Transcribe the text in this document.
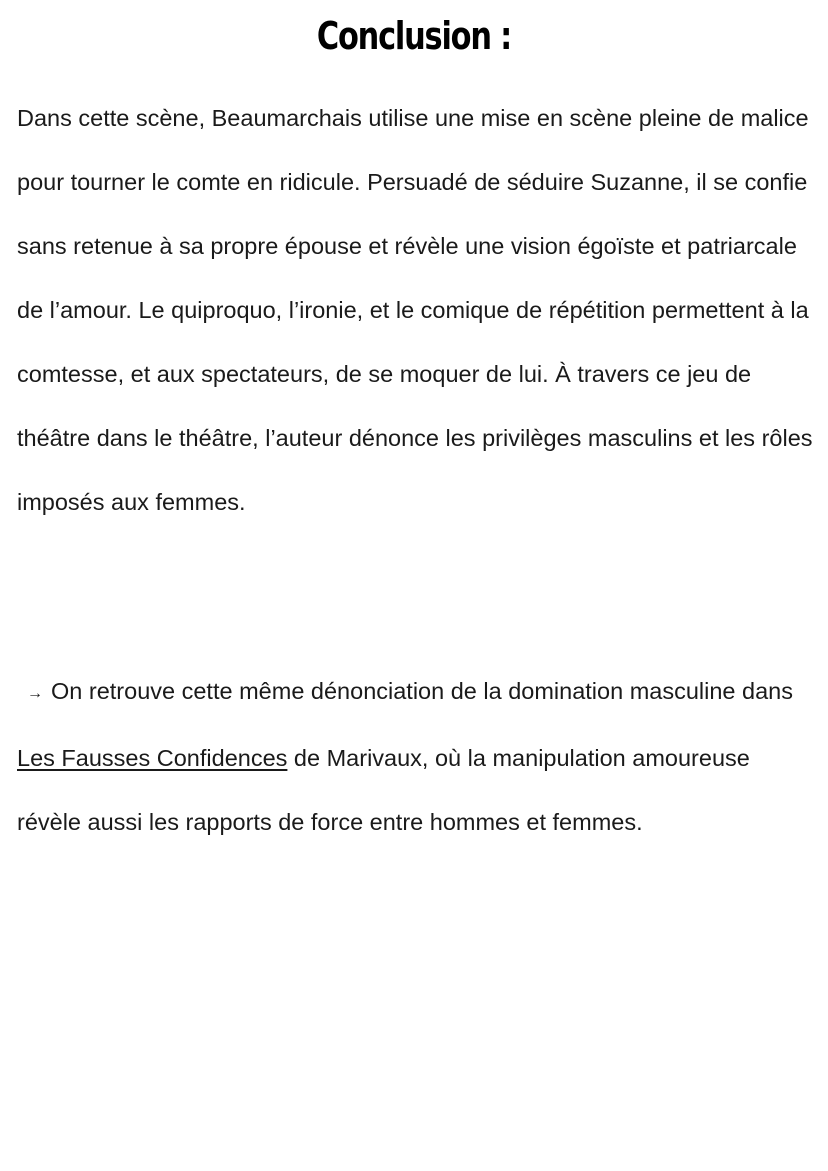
Conclusion :

Dans cette scène, Beaumarchais utilise une mise en scène pleine de malice pour tourner le comte en ridicule. Persuadé de séduire Suzanne, il se confie sans retenue à sa propre épouse et révèle une vision égoïste et patriarcale de l’amour. Le quiproquo, l’ironie, et le comique de répétition permettent à la comtesse, et aux spectateurs, de se moquer de lui. À travers ce jeu de théâtre dans le théâtre, l’auteur dénonce les privilèges masculins et les rôles imposés aux femmes.

→ On retrouve cette même dénonciation de la domination masculine dans Les Fausses Confidences de Marivaux, où la manipulation amoureuse révèle aussi les rapports de force entre hommes et femmes.
